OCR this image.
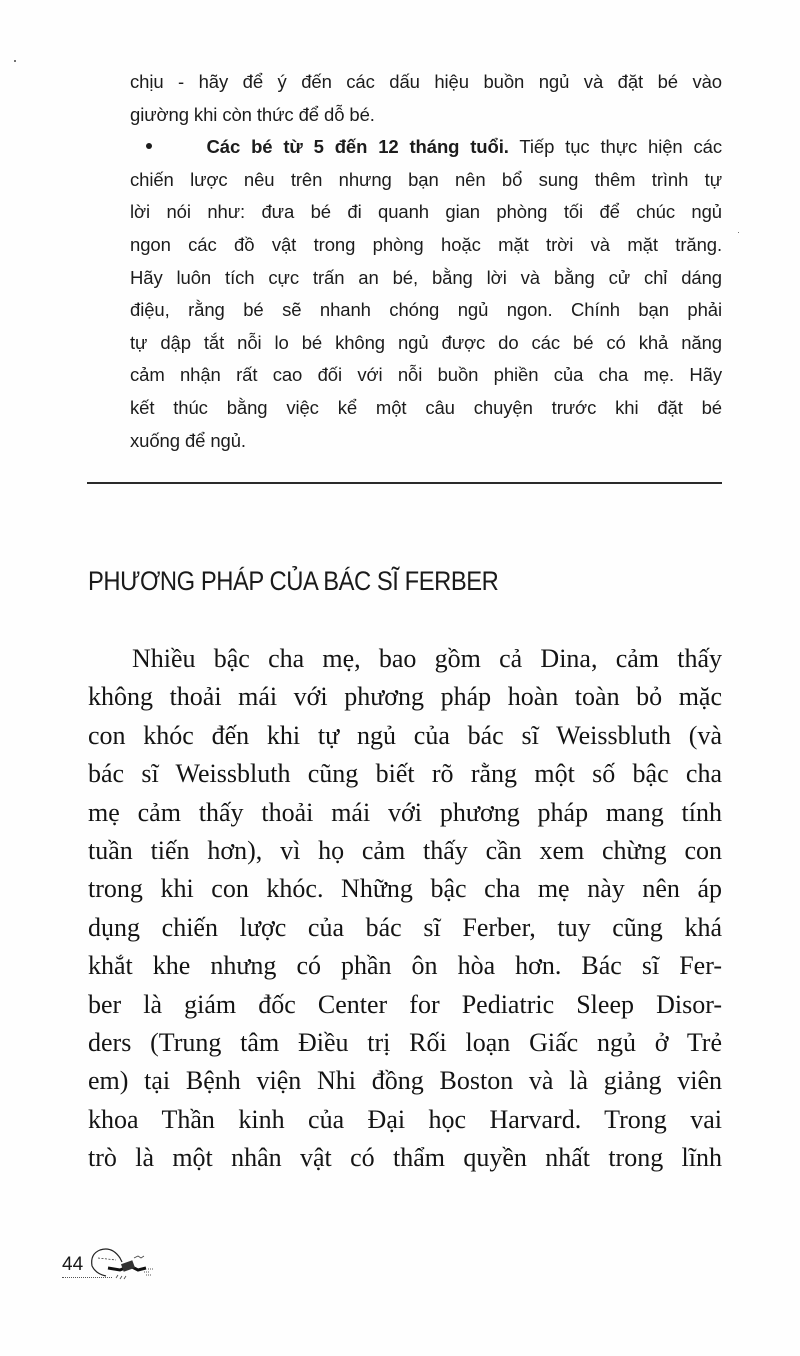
chịu - hãy để ý đến các dấu hiệu buồn ngủ và đặt bé vào
giường khi còn thức để dỗ bé.
Các bé từ 5 đến 12 tháng tuổi. Tiếp tục thực hiện các
chiến lược nêu trên nhưng bạn nên bổ sung thêm trình tự
lời nói như: đưa bé đi quanh gian phòng tối để chúc ngủ
ngon các đồ vật trong phòng hoặc mặt trời và mặt trăng.
Hãy luôn tích cực trấn an bé, bằng lời và bằng cử chỉ dáng
điệu, rằng bé sẽ nhanh chóng ngủ ngon. Chính bạn phải
tự dập tắt nỗi lo bé không ngủ được do các bé có khả năng
cảm nhận rất cao đối với nỗi buồn phiền của cha mẹ. Hãy
kết thúc bằng việc kể một câu chuyện trước khi đặt bé
xuống để ngủ.
PHƯƠNG PHÁP CỦA BÁC SĨ FERBER
Nhiều bậc cha mẹ, bao gồm cả Dina, cảm thấy
không thoải mái với phương pháp hoàn toàn bỏ mặc
con khóc đến khi tự ngủ của bác sĩ Weissbluth (và
bác sĩ Weissbluth cũng biết rõ rằng một số bậc cha
mẹ cảm thấy thoải mái với phương pháp mang tính
tuần tiến hơn), vì họ cảm thấy cần xem chừng con
trong khi con khóc. Những bậc cha mẹ này nên áp
dụng chiến lược của bác sĩ Ferber, tuy cũng khá
khắt khe nhưng có phần ôn hòa hơn. Bác sĩ Fer-
ber là giám đốc Center for Pediatric Sleep Disor-
ders (Trung tâm Điều trị Rối loạn Giấc ngủ ở Trẻ
em) tại Bệnh viện Nhi đồng Boston và là giảng viên
khoa Thần kinh của Đại học Harvard. Trong vai
trò là một nhân vật có thẩm quyền nhất trong lĩnh
44
